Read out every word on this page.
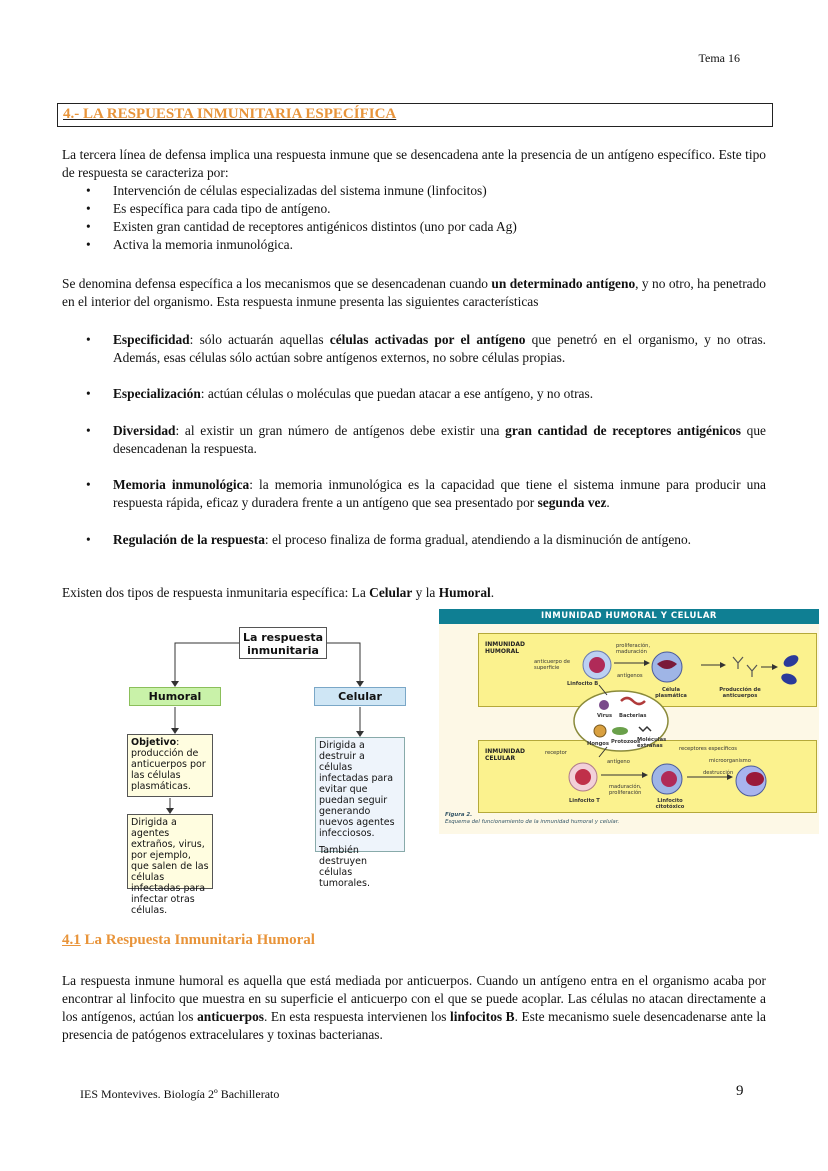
Tema 16
4.- LA RESPUESTA INMUNITARIA ESPECÍFICA
La tercera línea de defensa implica una respuesta inmune que se desencadena ante la presencia de un antígeno específico. Este tipo de respuesta se caracteriza por:
• Intervención de células especializadas del sistema inmune (linfocitos)
• Es específica para cada tipo de antígeno.
• Existen gran cantidad de receptores antigénicos distintos (uno por cada Ag)
• Activa la memoria inmunológica.
Se denomina defensa específica a los mecanismos que se desencadenan cuando un determinado antígeno, y no otro, ha penetrado en el interior del organismo. Esta respuesta inmune presenta las siguientes características
• Especificidad: sólo actuarán aquellas células activadas por el antígeno que penetró en el organismo, y no otras. Además, esas células sólo actúan sobre antígenos externos, no sobre células propias.
• Especialización: actúan células o moléculas que puedan atacar a ese antígeno, y no otras.
• Diversidad: al existir un gran número de antígenos debe existir una gran cantidad de receptores antigénicos que desencadenan la respuesta.
• Memoria inmunológica: la memoria inmunológica es la capacidad que tiene el sistema inmune para producir una respuesta rápida, eficaz y duradera frente a un antígeno que sea presentado por segunda vez.
• Regulación de la respuesta: el proceso finaliza de forma gradual, atendiendo a la disminución de antígeno.
Existen dos tipos de respuesta inmunitaria específica: La Celular y la Humoral.
La respuesta inmunitaria
Humoral	Celular
Objetivo: producción de anticuerpos por las células plasmáticas.
Dirigida a agentes extraños, virus, por ejemplo, que salen de las células infectadas para infectar otras células.
Dirigida a destruir a células infectadas para evitar que puedan seguir generando nuevos agentes infecciosos.
También destruyen células tumorales.
INMUNIDAD HUMORAL Y CELULAR
INMUNIDAD HUMORAL
INMUNIDAD CELULAR
anticuerpo de superficie
proliferación, maduración
antígenos
Linfocito B
Célula plasmática
Producción de anticuerpos
Virus Bacterias
Hongos Protozoos
Moléculas extrañas
receptor
antígeno
maduración, proliferación
Linfocito T
receptores específicos
microorganismo
destrucción
Linfocito citotóxico
Figura 2.
Esquema del funcionamiento de la inmunidad humoral y celular.
4.1 La Respuesta Inmunitaria Humoral
La respuesta inmune humoral es aquella que está mediada por anticuerpos. Cuando un antígeno entra en el organismo acaba por encontrar al linfocito que muestra en su superficie el anticuerpo con el que se puede acoplar. Las células no atacan directamente a los antígenos, actúan los anticuerpos. En esta respuesta intervienen los linfocitos B. Este mecanismo suele desencadenarse ante la presencia de patógenos extracelulares y toxinas bacterianas.
IES Montevives. Biología 2º Bachillerato	9
